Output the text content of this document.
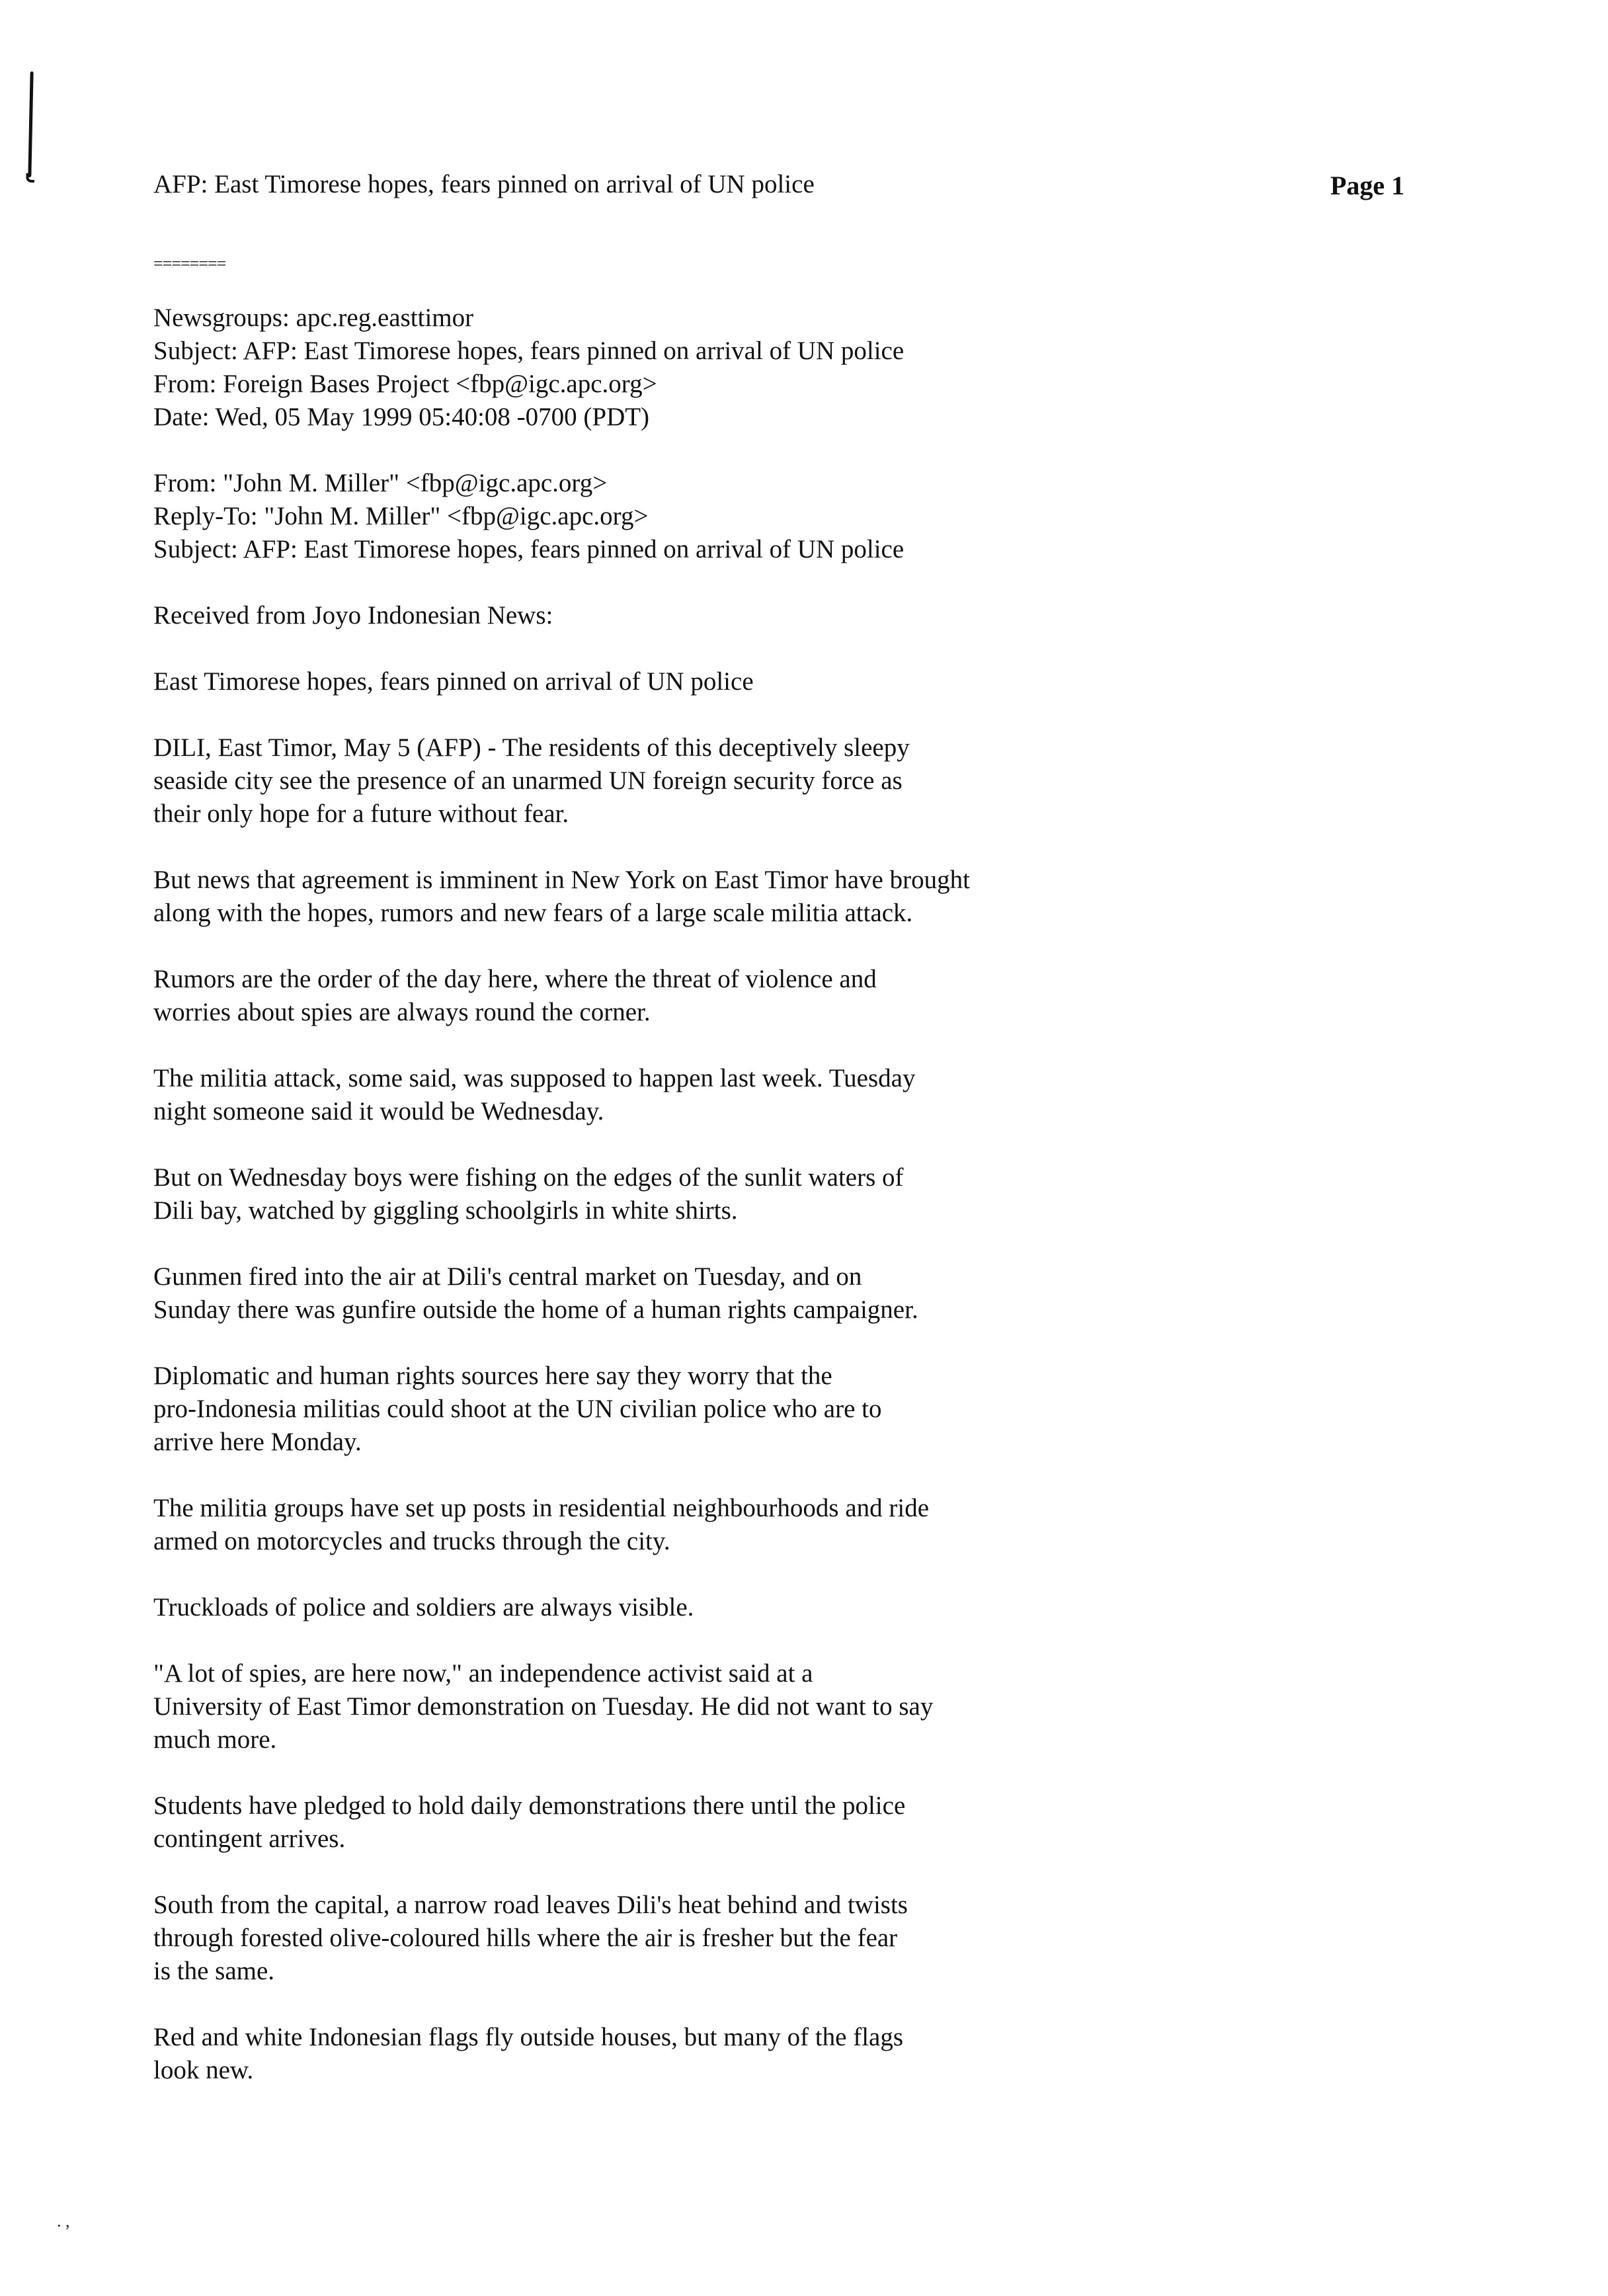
AFP: East Timorese hopes, fears pinned on arrival of UN police	Page 1
========
Newsgroups: apc.reg.easttimor
Subject: AFP: East Timorese hopes, fears pinned on arrival of UN police
From: Foreign Bases Project <fbp@igc.apc.org>
Date: Wed, 05 May 1999 05:40:08 -0700 (PDT)
From: "John M. Miller" <fbp@igc.apc.org>
Reply-To: "John M. Miller" <fbp@igc.apc.org>
Subject: AFP: East Timorese hopes, fears pinned on arrival of UN police
Received from Joyo Indonesian News:
East Timorese hopes, fears pinned on arrival of UN police
DILI, East Timor, May 5 (AFP) - The residents of this deceptively sleepy
seaside city see the presence of an unarmed UN foreign security force as
their only hope for a future without fear.
But news that agreement is imminent in New York on East Timor have brought
along with the hopes, rumors and new fears of a large scale militia attack.
Rumors are the order of the day here, where the threat of violence and
worries about spies are always round the corner.
The militia attack, some said, was supposed to happen last week. Tuesday
night someone said it would be Wednesday.
But on Wednesday boys were fishing on the edges of the sunlit waters of
Dili bay, watched by giggling schoolgirls in white shirts.
Gunmen fired into the air at Dili's central market on Tuesday, and on
Sunday there was gunfire outside the home of a human rights campaigner.
Diplomatic and human rights sources here say they worry that the
pro-Indonesia militias could shoot at the UN civilian police who are to
arrive here Monday.
The militia groups have set up posts in residential neighbourhoods and ride
armed on motorcycles and trucks through the city.
Truckloads of police and soldiers are always visible.
"A lot of spies, are here now," an independence activist said at a
University of East Timor demonstration on Tuesday. He did not want to say
much more.
Students have pledged to hold daily demonstrations there until the police
contingent arrives.
South from the capital, a narrow road leaves Dili's heat behind and twists
through forested olive-coloured hills where the air is fresher but the fear
is the same.
Red and white Indonesian flags fly outside houses, but many of the flags
look new.
. ,
